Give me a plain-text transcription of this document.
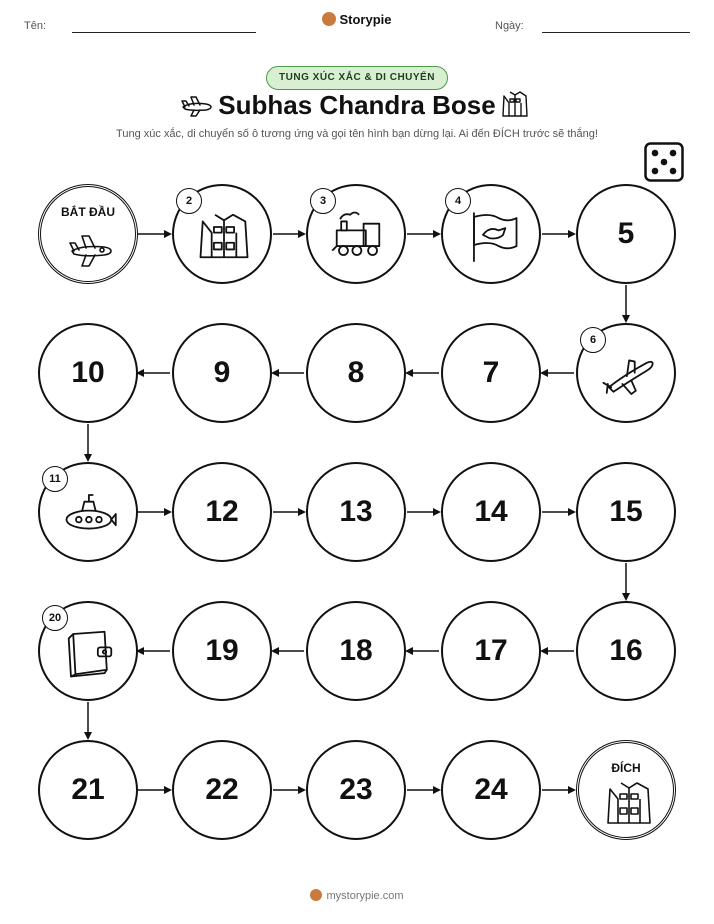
Tên:	Storypie	Ngày:
TUNG XÚC XẮC & DI CHUYỂN
Subhas Chandra Bose
Tung xúc xắc, di chuyển số ô tương ứng và gọi tên hình bạn dừng lại. Ai đến ĐÍCH trước sẽ thắng!
BẮT ĐẦU
2	3	4
5
6
7
8
9
10
11
12	13	14	15
16
17
18
19
20
21	22	23	24
ĐÍCH
mystorypie.com
